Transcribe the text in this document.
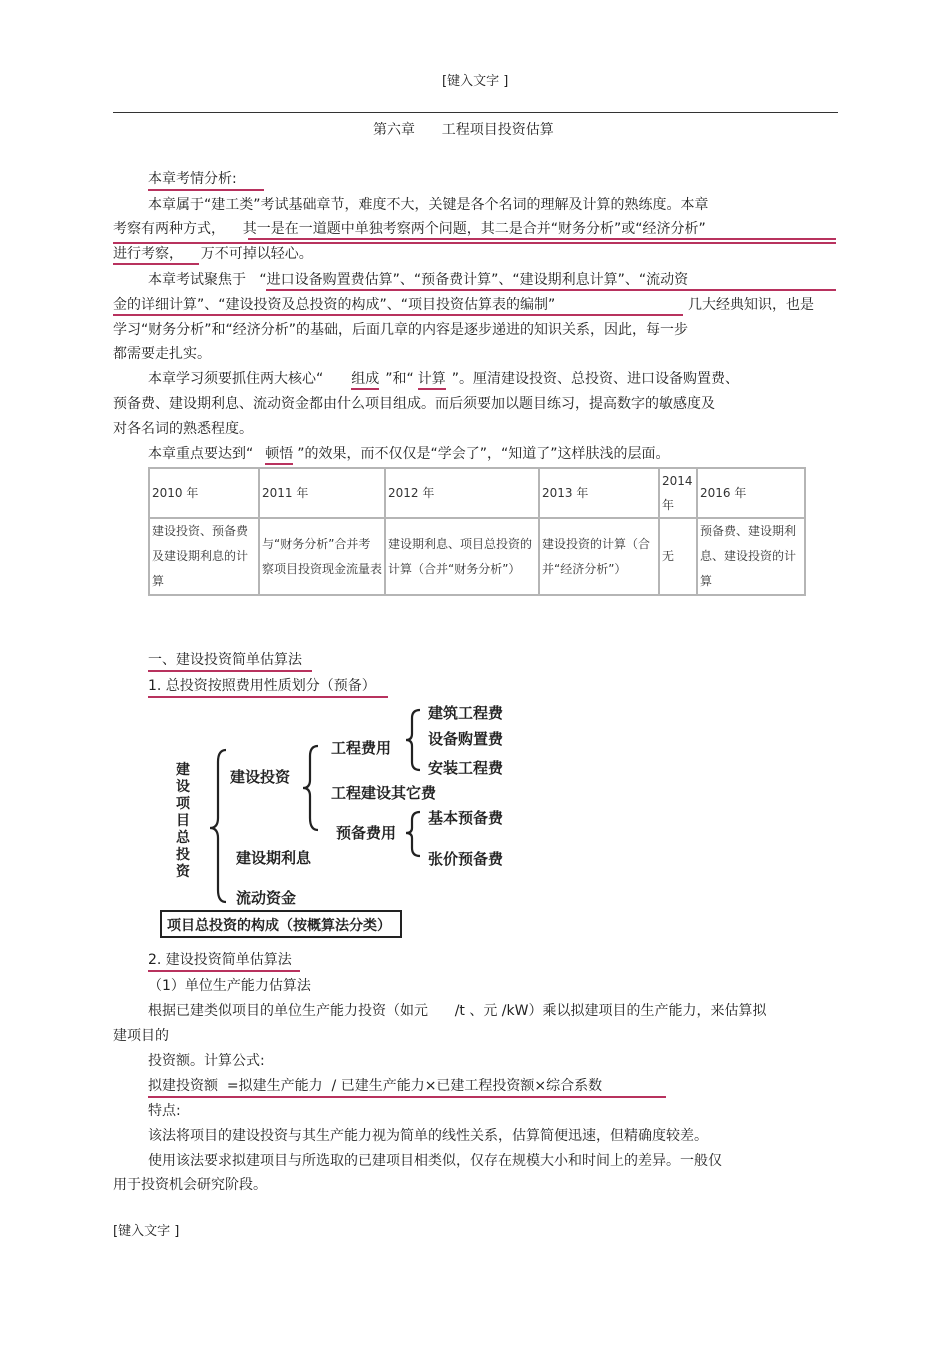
[键入文字 ]
第六章      工程项目投资估算
本章考情分析:
本章属于“建工类”考试基础章节，难度不大，关键是各个名词的理解及计算的熟练度。本章
考察有两种方式，    其一是在一道题中单独考察两个问题，其二是合并“财务分析”或“经济分析”
进行考察，    万不可掉以轻心。
本章考试聚焦于   “进口设备购置费估算”、“预备费计算”、“建设期利息计算”、“流动资
金的详细计算”、“建设投资及总投资的构成”、“项目投资估算表的编制”	几大经典知识，也是
学习“财务分析”和“经济分析”的基础，后面几章的内容是逐步递进的知识关系，因此，每一步
都需要走扎实。
本章学习须要抓住两大核心“ 组成 ”和“ 计算 ”。厘清建设投资、总投资、进口设备购置费、
预备费、建设期利息、流动资金都由什么项目组成。而后须要加以题目练习，提高数字的敏感度及
对各名词的熟悉程度。
本章重点要达到“ 顿悟 ”的效果，而不仅仅是“学会了”，“知道了”这样肤浅的层面。
2010 年	2011 年	2012 年	2013 年	2014 年	2016 年
建设投资、预备费及建设期利息的计算	与“财务分析”合并考察项目投资现金流量表	建设期利息、项目总投资的计算（合并“财务分析”）	建设投资的计算（合并“经济分析”）	无	预备费、建设期利息、建设投资的计算
一、建设投资简单估算法
1. 总投资按照费用性质划分（预备）
建设项目总投资
建设投资
工程费用
建筑工程费
设备购置费
安装工程费
工程建设其它费
预备费用
基本预备费
张价预备费
建设期利息
流动资金
项目总投资的构成（按概算法分类）
2. 建设投资简单估算法
（1）单位生产能力估算法
根据已建类似项目的单位生产能力投资（如元      /t 、元 /kW）乘以拟建项目的生产能力，来估算拟
建项目的
投资额。计算公式:
拟建投资额  =拟建生产能力  / 已建生产能力×已建工程投资额×综合系数
特点:
该法将项目的建设投资与其生产能力视为简单的线性关系，估算简便迅速，但精确度较差。
使用该法要求拟建项目与所选取的已建项目相类似，仅存在规模大小和时间上的差异。一般仅
用于投资机会研究阶段。
[键入文字 ]
